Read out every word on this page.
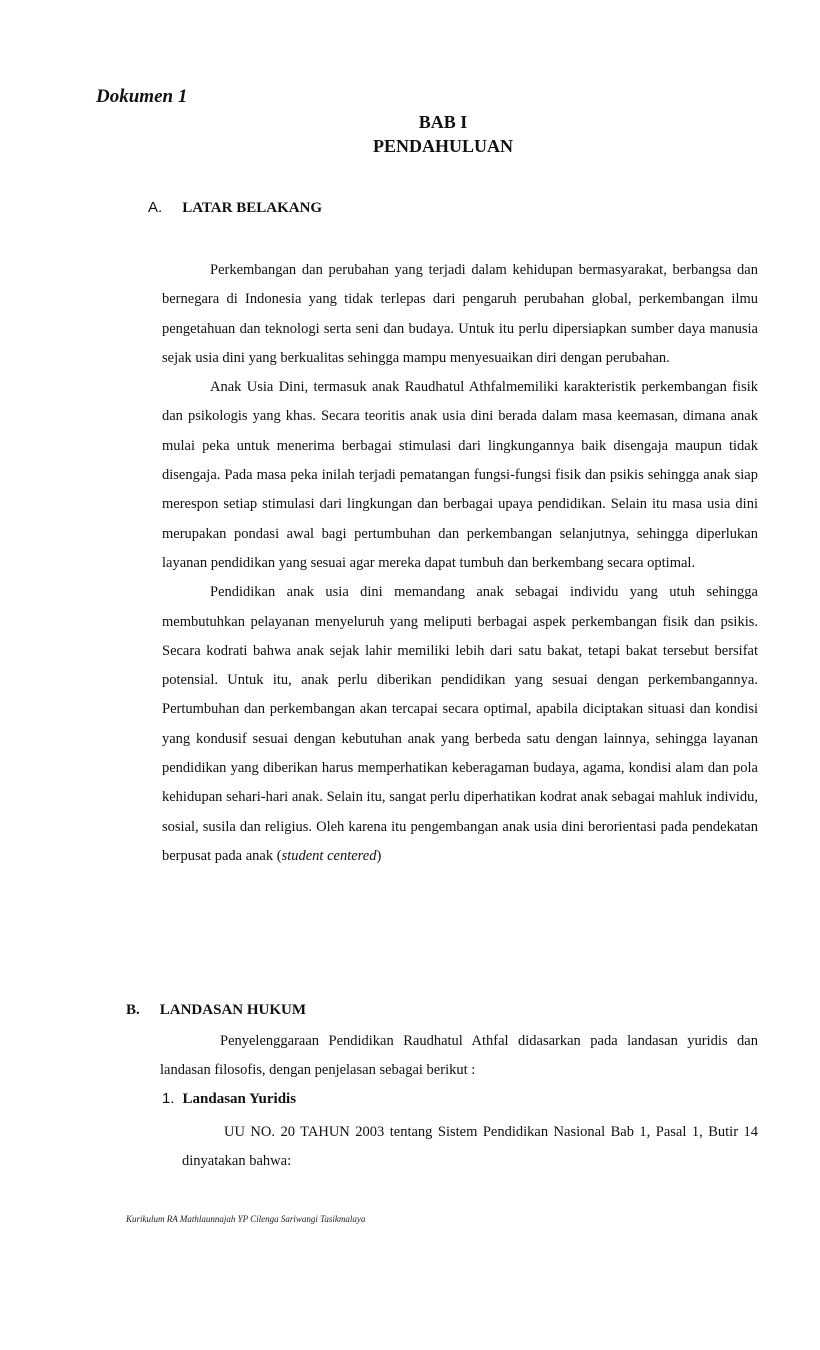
Dokumen 1
BAB I
PENDAHULUAN
A. LATAR BELAKANG

Perkembangan dan perubahan yang terjadi dalam kehidupan bermasyarakat, berbangsa dan bernegara di Indonesia yang tidak terlepas dari pengaruh perubahan global, perkembangan ilmu pengetahuan dan teknologi serta seni dan budaya. Untuk itu perlu dipersiapkan sumber daya manusia sejak usia dini yang berkualitas sehingga mampu menyesuaikan diri dengan perubahan.

Anak Usia Dini, termasuk anak Raudhatul Athfalmemiliki karakteristik perkembangan fisik dan psikologis yang khas. Secara teoritis anak usia dini berada dalam masa keemasan, dimana anak mulai peka untuk menerima berbagai stimulasi dari lingkungannya baik disengaja maupun tidak disengaja. Pada masa peka inilah terjadi pematangan fungsi-fungsi fisik dan psikis sehingga anak siap merespon setiap stimulasi dari lingkungan dan berbagai upaya pendidikan. Selain itu masa usia dini merupakan pondasi awal bagi pertumbuhan dan perkembangan selanjutnya, sehingga diperlukan layanan pendidikan yang sesuai agar mereka dapat tumbuh dan berkembang secara optimal.

Pendidikan anak usia dini memandang anak sebagai individu yang utuh sehingga membutuhkan pelayanan menyeluruh yang meliputi berbagai aspek perkembangan fisik dan psikis. Secara kodrati bahwa anak sejak lahir memiliki lebih dari satu bakat, tetapi bakat tersebut bersifat potensial. Untuk itu, anak perlu diberikan pendidikan yang sesuai dengan perkembangannya. Pertumbuhan dan perkembangan akan tercapai secara optimal, apabila diciptakan situasi dan kondisi yang kondusif sesuai dengan kebutuhan anak yang berbeda satu dengan lainnya, sehingga layanan pendidikan yang diberikan harus memperhatikan keberagaman budaya, agama, kondisi alam dan pola kehidupan sehari-hari anak. Selain itu, sangat perlu diperhatikan kodrat anak sebagai mahluk individu, sosial, susila dan religius. Oleh karena itu pengembangan anak usia dini berorientasi pada pendekatan berpusat pada anak (student centered)

B. LANDASAN HUKUM

Penyelenggaraan Pendidikan Raudhatul Athfal didasarkan pada landasan yuridis dan landasan filosofis, dengan penjelasan sebagai berikut :

1. Landasan Yuridis

UU NO. 20 TAHUN 2003 tentang Sistem Pendidikan Nasional Bab 1, Pasal 1, Butir 14 dinyatakan bahwa:

Kurikulum RA Mathlaunnajah YP Cilenga Sariwangi Tasikmalaya
